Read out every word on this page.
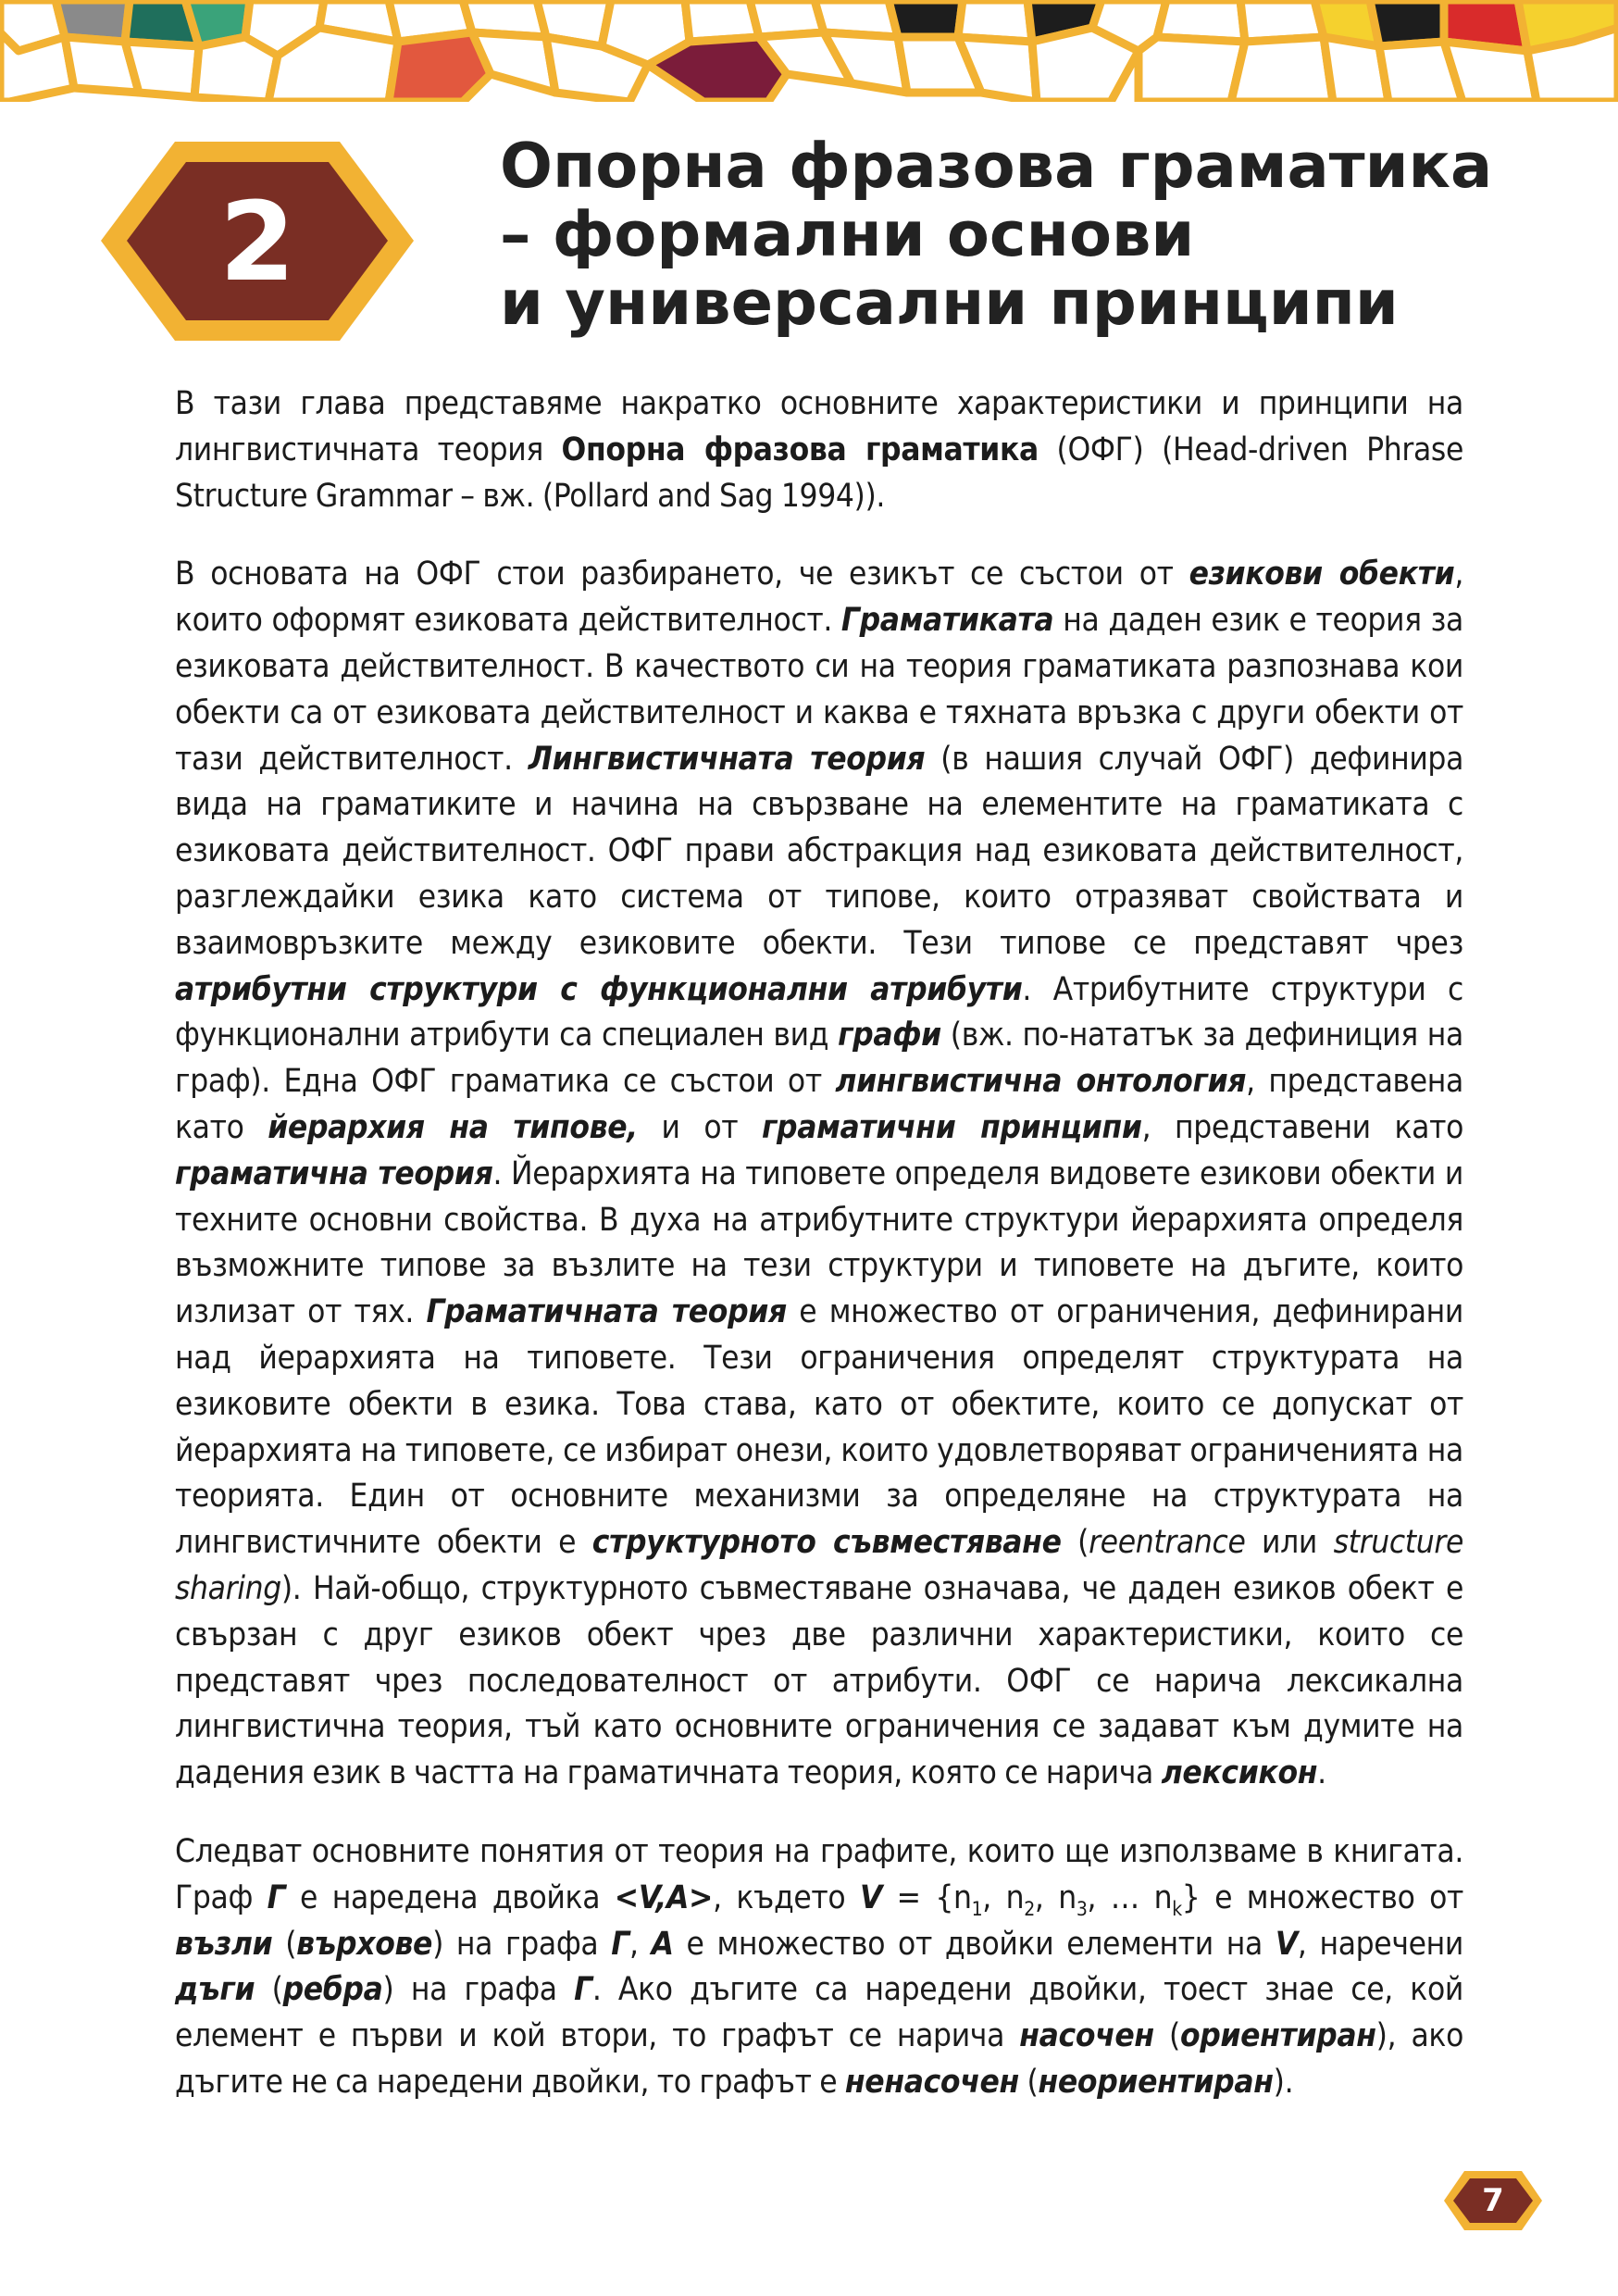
2
Опорна фразова граматика
– формални основи
и универсални принципи

В тази глава представяме накратко основните характеристики и принципи на лингвистичната теория Опорна фразова граматика (ОФГ) (Head-driven Phrase Structure Grammar – вж. (Pollard and Sag 1994)).

В основата на ОФГ стои разбирането, че езикът се състои от езикови обекти, които оформят езиковата действителност. Граматиката на даден език е теория за езиковата действителност. В качеството си на теория граматиката разпознава кои обекти са от езиковата действителност и каква е тяхната връзка с други обекти от тази действителност. Лингвистичната теория (в нашия случай ОФГ) дефинира вида на граматиките и начина на свързване на елементите на граматиката с езиковата действителност. ОФГ прави абстракция над езиковата действителност, разглеждайки езика като система от типове, които отразяват свойствата и взаимовръзките между езиковите обекти. Тези типове се представят чрез атрибутни структури с функционални атрибути. Атрибутните структури с функционални атрибути са специален вид графи (вж. по-нататък за дефиниция на граф). Една ОФГ граматика се състои от лингвистична онтология, представена като йерархия на типове, и от граматични принципи, представени като граматична теория. Йерархията на типовете определя видовете езикови обекти и техните основни свойства. В духа на атрибутните структури йерархията определя възможните типове за възлите на тези структури и типовете на дъгите, които излизат от тях. Граматичната теория е множество от ограничения, дефинирани над йерархията на типовете. Тези ограничения определят структурата на езиковите обекти в езика. Това става, като от обектите, които се допускат от йерархията на типовете, се избират онези, които удовлетворяват ограниченията на теорията. Един от основните механизми за определяне на структурата на лингвистичните обекти е структурното съвместяване (reentrance или structure sharing). Най-общо, структурното съвместяване означава, че даден езиков обект е свързан с друг езиков обект чрез две различни характеристики, които се представят чрез последователност от атрибути. ОФГ се нарича лексикална лингвистична теория, тъй като основните ограничения се задават към думите на дадения език в частта на граматичната теория, която се нарича лексикон.

Следват основните понятия от теория на графите, които ще използваме в книгата. Граф Г е наредена двойка <V,A>, където $V = \{n_1$, $n_2$, $n_3$, … $n_k$} е множество от възли (върхове) на графа Г, A е множество от двойки елементи на V, наречени дъги (ребра) на графа Г. Ако дъгите са наредени двойки, тоест знае се, кой елемент е първи и кой втори, то графът се нарича насочен (ориентиран), ако дъгите не са наредени двойки, то графът е ненасочен (неориентиран).

7
